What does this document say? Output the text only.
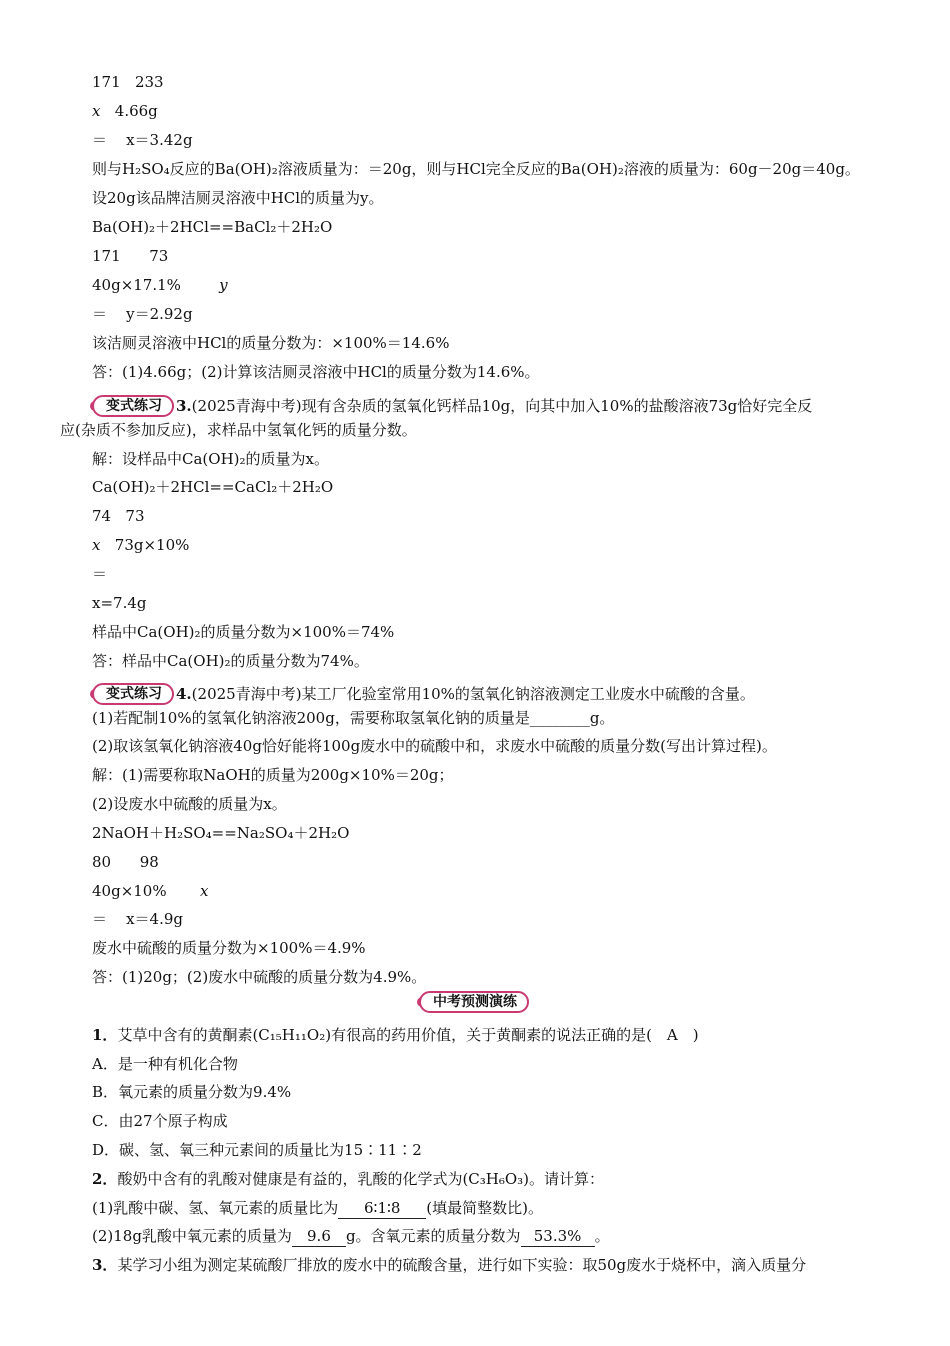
171 233
x 4.66g
＝ x＝3.42g
则与H₂SO₄反应的Ba(OH)₂溶液质量为：＝20g，则与HCl完全反应的Ba(OH)₂溶液的质量为：60g－20g＝40g。
设20g该品牌洁厕灵溶液中HCl的质量为y。
Ba(OH)₂＋2HCl==BaCl₂＋2H₂O
171 73
40g×17.1%	y
＝ y＝2.92g
该洁厕灵溶液中HCl的质量分数为：×100%＝14.6%
答：(1)4.66g；(2)计算该洁厕灵溶液中HCl的质量分数为14.6%。
变式练习 3.(2025青海中考)现有含杂质的氢氧化钙样品10g，向其中加入10%的盐酸溶液73g恰好完全反
应(杂质不参加反应)，求样品中氢氧化钙的质量分数。
解：设样品中Ca(OH)₂的质量为x。
Ca(OH)₂＋2HCl==CaCl₂＋2H₂O
74 73
x 73g×10%
＝
x=7.4g
样品中Ca(OH)₂的质量分数为×100%＝74%
答：样品中Ca(OH)₂的质量分数为74%。
变式练习 4.(2025青海中考)某工厂化验室常用10%的氢氧化钠溶液测定工业废水中硫酸的含量。
(1)若配制10%的氢氧化钠溶液200g，需要称取氢氧化钠的质量是________g。
(2)取该氢氧化钠溶液40g恰好能将100g废水中的硫酸中和，求废水中硫酸的质量分数(写出计算过程)。
解：(1)需要称取NaOH的质量为200g×10%＝20g；
(2)设废水中硫酸的质量为x。
2NaOH＋H₂SO₄==Na₂SO₄＋2H₂O
80 98
40g×10% x
＝ x＝4.9g
废水中硫酸的质量分数为×100%＝4.9%
答：(1)20g；(2)废水中硫酸的质量分数为4.9%。
中考预测演练
1．艾草中含有的黄酮素(C₁₅H₁₁O₂)有很高的药用价值，关于黄酮素的说法正确的是(　A　)
A．是一种有机化合物
B．氧元素的质量分数为9.4%
C．由27个原子构成
D．碳、氢、氧三种元素间的质量比为15∶11∶2
2．酸奶中含有的乳酸对健康是有益的，乳酸的化学式为(C₃H₆O₃)。请计算：
(1)乳酸中碳、氢、氧元素的质量比为 6∶1∶8 (填最简整数比)。
(2)18g乳酸中氧元素的质量为 9.6 g。含氧元素的质量分数为 53.3% 。
3．某学习小组为测定某硫酸厂排放的废水中的硫酸含量，进行如下实验：取50g废水于烧杯中，滴入质量分
